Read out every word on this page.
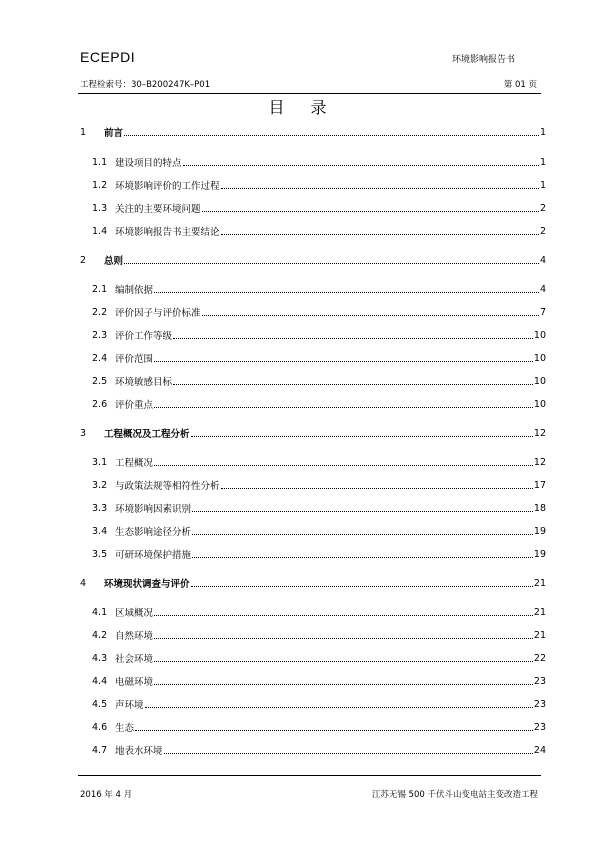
ECEPDI	环境影响报告书
工程检索号：30–B200247K–P01	第 01 页
目录
1	前言	1
1.1 建设项目的特点	1
1.2 环境影响评价的工作过程	1
1.3 关注的主要环境问题	2
1.4 环境影响报告书主要结论	2
2	总则	4
2.1 编制依据	4
2.2 评价因子与评价标准	7
2.3 评价工作等级	10
2.4 评价范围	10
2.5 环境敏感目标	10
2.6 评价重点	10
3	工程概况及工程分析	12
3.1 工程概况	12
3.2 与政策法规等相符性分析	17
3.3 环境影响因素识别	18
3.4 生态影响途径分析	19
3.5 可研环境保护措施	19
4	环境现状调查与评价	21
4.1 区域概况	21
4.2 自然环境	21
4.3 社会环境	22
4.4 电磁环境	23
4.5 声环境	23
4.6 生态	23
4.7 地表水环境	24
2016 年 4 月	江苏无锡 500 千伏斗山变电站主变改造工程
